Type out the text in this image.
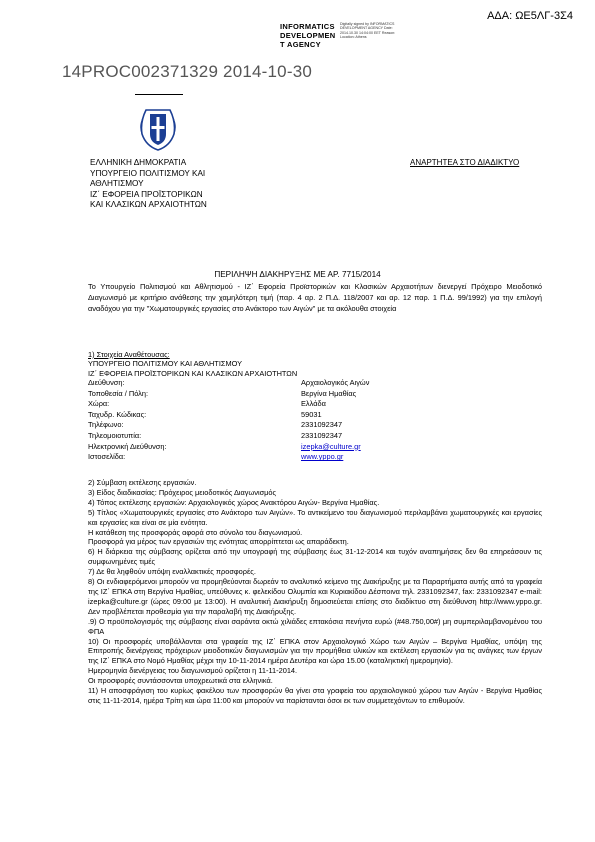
ΑΔΑ: ΩΕ5ΛΓ-3Σ4
INFORMATICS
DEVELOPMEN
T AGENCY
Digitally signed by INFORMATICS DEVELOPMENT AGENCY Date: 2014.10.30 14:04:00 EET Reason: Location: Athens
14PROC002371329 2014-10-30
ΕΛΛΗΝΙΚΗ ΔΗΜΟΚΡΑΤΙΑ
ΥΠΟΥΡΓΕΙΟ ΠΟΛΙΤΙΣΜΟΥ ΚΑΙ
ΑΘΛΗΤΙΣΜΟΥ
ΙΖ΄ ΕΦΟΡΕΙΑ ΠΡΟΪΣΤΟΡΙΚΩΝ
ΚΑΙ ΚΛΑΣΙΚΩΝ ΑΡΧΑΙΟΤΗΤΩΝ
ΑΝΑΡΤΗΤΕΑ ΣΤΟ ΔΙΑΔΙΚΤΥΟ
ΠΕΡΙΛΗΨΗ ΔΙΑΚΗΡΥΞΗΣ ΜΕ ΑΡ. 7715/2014
Το Υπουργείο Πολιτισμού και Αθλητισμού - ΙΖ΄ Εφορεία Προϊστορικών και Κλασικών Αρχαιοτήτων διενεργεί Πρόχειρο Μειοδοτικό Διαγωνισμό με κριτήριο ανάθεσης την χαμηλότερη τιμή (παρ. 4 αρ. 2 Π.Δ. 118/2007 και αρ. 12 παρ. 1 Π.Δ. 99/1992) για την επιλογή αναδόχου για την "Χωματουργικές εργασίες στο Ανάκτορο των Αιγών" με τα ακόλουθα στοιχεία
1) Στοιχεία Αναθέτουσας:
ΥΠΟΥΡΓΕΙΟ ΠΟΛΙΤΙΣΜΟΥ ΚΑΙ ΑΘΛΗΤΙΣΜΟΥ
ΙΖ΄ ΕΦΟΡΕΙΑ ΠΡΟΪΣΤΟΡΙΚΩΝ ΚΑΙ ΚΛΑΣΙΚΩΝ ΑΡΧΑΙΟΤΗΤΩΝ
Διεύθυνση:	Αρχαιολογικός Αιγών
Τοποθεσία / Πόλη:	Βεργίνα Ημαθίας
Χώρα:	Ελλάδα
Ταχυδρ. Κώδικας:	59031
Τηλέφωνο:	2331092347
Τηλεομοιοτυπία:	2331092347
Ηλεκτρονική Διεύθυνση:	izepka@culture.gr
Ιστοσελίδα:	www.yppo.gr

2) Σύμβαση εκτέλεσης εργασιών.

3) Είδος διαδικασίας: Πρόχειρος μειοδοτικός Διαγωνισμός

4) Τόπος εκτέλεσης εργασιών: Αρχαιολογικός χώρος Ανακτόρου Αιγών- Βεργίνα Ημαθίας.

5) Τίτλος «Χωματουργικές εργασίες στο Ανάκτορο των Αιγών». Το αντικείμενο του διαγωνισμού περιλαμβάνει χωματουργικές και εργασίες και εργασίες και είναι σε μία ενότητα.

Η κατάθεση της προσφοράς αφορά στο σύνολο του διαγωνισμού.

Προσφορά για μέρος των εργασιών της ενότητας απορρίπτεται ως απαράδεκτη.

6) Η διάρκεια της σύμβασης ορίζεται από την υπογραφή της σύμβασης έως 31-12-2014 και τυχόν αναπημήσεις δεν θα επηρεάσουν τις συμφωνημένες τιμές

7) Δε θα ληφθούν υπόψη εναλλακτικές προσφορές.

8) Οι ενδιαφερόμενοι μπορούν να προμηθεύονται δωρεάν το αναλυτικό κείμενο της Διακήρυξης με τα Παραρτήματα αυτής από τα γραφεία της ΙΖ΄ ΕΠΚΑ στη Βεργίνα Ημαθίας, υπεύθυνες κ. φελεκίδου Ολυμπία και Κυριακίδου Δέσποινα τηλ. 2331092347, fax: 2331092347 e-mail: izepka@culture.gr (ώρες 09:00 με 13:00). Η αναλυτική Διακήρυξη δημοσιεύεται επίσης στο διαδίκτυο στη διεύθυνση http://www.yppo.gr. Δεν προβλέπεται προθεσμία για την παραλαβή της Διακήρυξης.

.9) Ο προϋπολογισμός της σύμβασης είναι σαράντα οκτώ χιλιάδες επτακόσια πενήντα ευρώ (#48.750,00#) μη συμπεριλαμβανομένου του ΦΠΑ

10) Οι προσφορές υποβάλλονται στα γραφεία της ΙΖ΄ ΕΠΚΑ στον Αρχαιολογικό Χώρο των Αιγών – Βεργίνα Ημαθίας, υπόψη της Επιτροπής διενέργειας πρόχειρων μειοδοτικών διαγωνισμών για την προμήθεια υλικών και εκτέλεση εργασιών για τις ανάγκες των έργων της ΙΖ΄ ΕΠΚΑ στο Νομό Ημαθίας μέχρι την 10-11-2014 ημέρα Δευτέρα και ώρα 15.00 (καταληκτική ημερομηνία).

Ημερομηνία διενέργειας του διαγωνισμού ορίζεται η 11-11-2014.

Οι προσφορές συντάσσονται υποχρεωτικά στα ελληνικά.

11) Η αποσφράγιση του κυρίως φακέλου των προσφορών θα γίνει στα γραφεία του αρχαιολογικού χώρου των Αιγών - Βεργίνα Ημαθίας στις 11-11-2014, ημέρα Τρίτη και ώρα 11:00 και μπορούν να παρίστανται όσοι εκ των συμμετεχόντων το επιθυμούν.
